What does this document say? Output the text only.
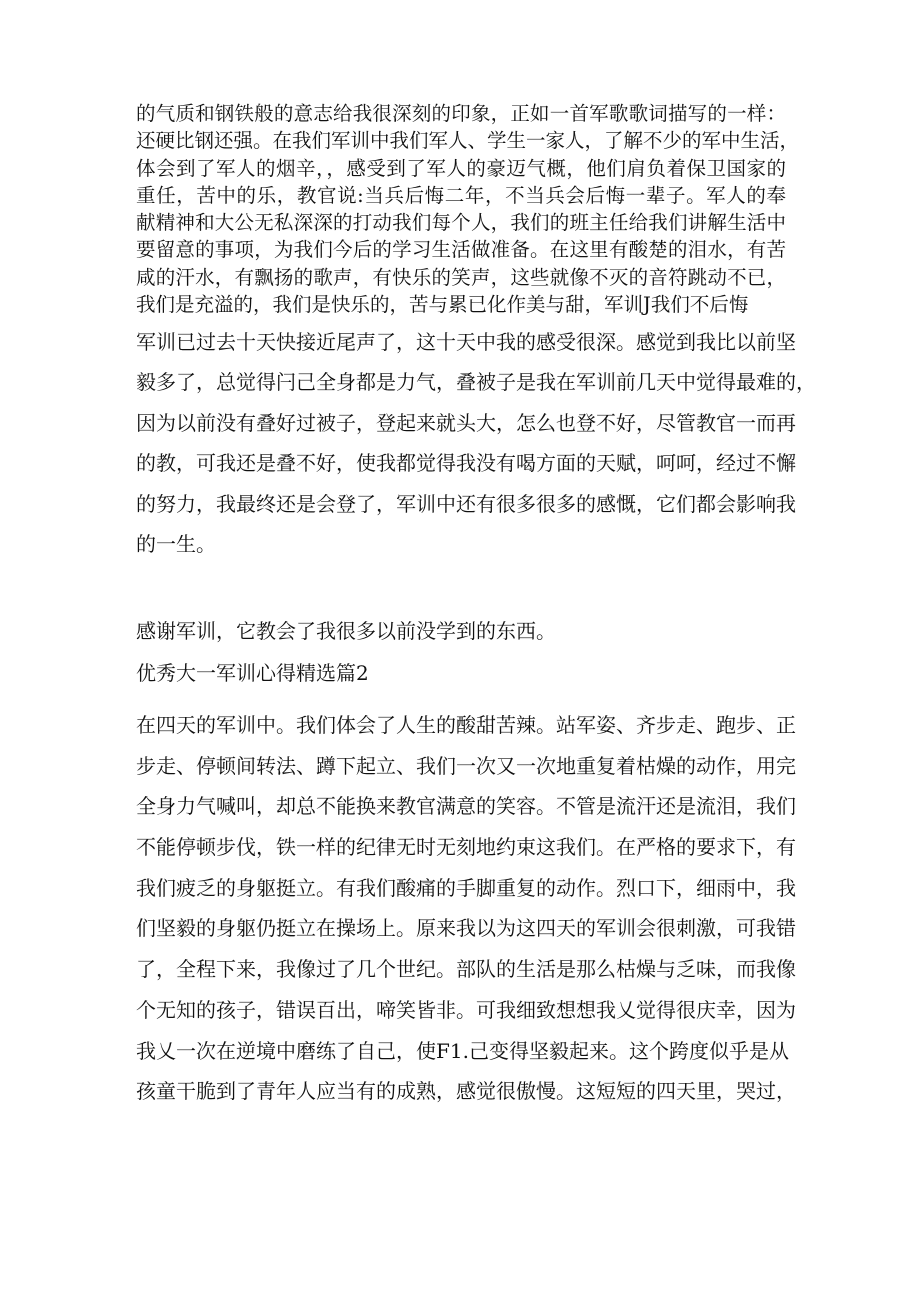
的气质和钢铁般的意志给我很深刻的印象，正如一首军歌歌词描写的一样：
还硬比钢还强。在我们军训中我们军人、学生一家人，了解不少的军中生活，
体会到了军人的烟辛，，感受到了军人的豪迈气概，他们肩负着保卫国家的
重任，苦中的乐，教官说:当兵后悔二年，不当兵会后悔一辈子。军人的奉
献精神和大公无私深深的打动我们每个人，我们的班主任给我们讲解生活中
要留意的事项，为我们今后的学习生活做准备。在这里有酸楚的泪水，有苦
咸的汗水，有飘扬的歌声，有快乐的笑声，这些就像不灭的音符跳动不已，
我们是充溢的，我们是快乐的，苦与累已化作美与甜，军训J我们不后悔
军训已过去十天快接近尾声了，这十天中我的感受很深。感觉到我比以前坚
毅多了，总觉得闩己全身都是力气，叠被子是我在军训前几天中觉得最难的，
因为以前没有叠好过被子，登起来就头大，怎么也登不好，尽管教官一而再
的教，可我还是叠不好，使我都觉得我没有喝方面的天赋，呵呵，经过不懈
的努力，我最终还是会登了，军训中还有很多很多的感慨，它们都会影响我
的一生。
感谢军训，它教会了我很多以前没学到的东西。
优秀大一军训心得精选篇2
在四天的军训中。我们体会了人生的酸甜苦辣。站军姿、齐步走、跑步、正
步走、停顿间转法、蹲下起立、我们一次又一次地重复着枯燥的动作，用完
全身力气喊叫，却总不能换来教官满意的笑容。不管是流汗还是流泪，我们
不能停顿步伐，铁一样的纪律无时无刻地约束这我们。在严格的要求下，有
我们疲乏的身躯挺立。有我们酸痛的手脚重复的动作。烈口下，细雨中，我
们坚毅的身躯仍挺立在操场上。原来我以为这四天的军训会很刺激，可我错
了，全程下来，我像过了几个世纪。部队的生活是那么枯燥与乏味，而我像
个无知的孩子，错误百出，啼笑皆非。可我细致想想我乂觉得很庆幸，因为
我乂一次在逆境中磨练了自己，使F1.己变得坚毅起来。这个跨度似乎是从
孩童干脆到了青年人应当有的成熟，感觉很傲慢。这短短的四天里，哭过，
